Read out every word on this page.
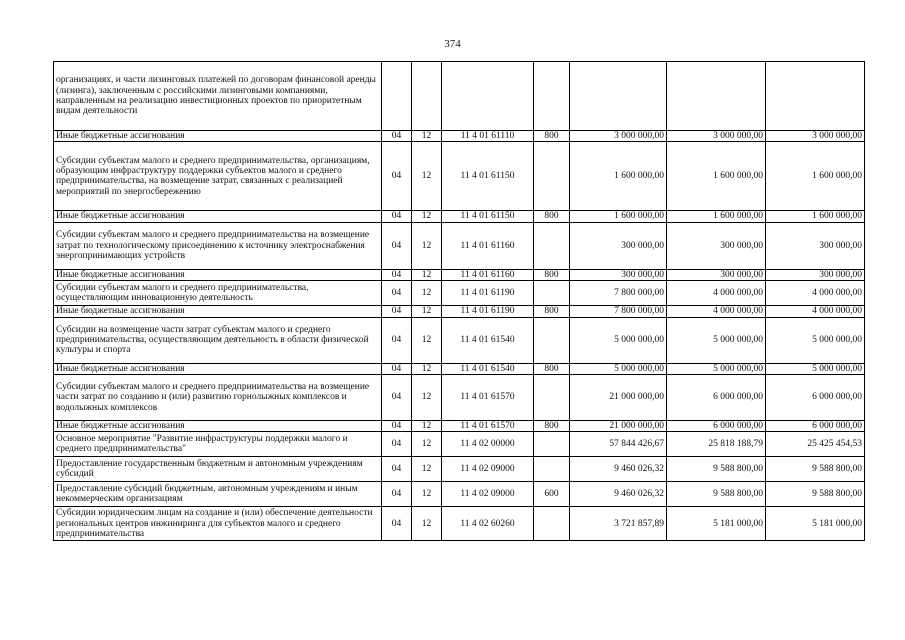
374
организациях, и части лизинговых платежей по договорам финансовой аренды (лизинга), заключенным с российскими лизинговыми компаниями, направленным на реализацию инвестиционных проектов по приоритетным видам деятельности							
Иные бюджетные ассигнования	04	12	11 4 01 61110	800	3 000 000,00	3 000 000,00	3 000 000,00
Субсидии субъектам малого и среднего предпринимательства, организациям, образующим инфраструктуру поддержки субъектов малого и среднего предпринимательства, на возмещение затрат, связанных с реализацией мероприятий по энергосбережению	04	12	11 4 01 61150		1 600 000,00	1 600 000,00	1 600 000,00
Иные бюджетные ассигнования	04	12	11 4 01 61150	800	1 600 000,00	1 600 000,00	1 600 000,00
Субсидии субъектам малого и среднего предпринимательства на возмещение затрат по технологическому присоединению к источнику электроснабжения энергопринимающих устройств	04	12	11 4 01 61160		300 000,00	300 000,00	300 000,00
Иные бюджетные ассигнования	04	12	11 4 01 61160	800	300 000,00	300 000,00	300 000,00
Субсидии субъектам малого и среднего предпринимательства, осуществляющим инновационную деятельность	04	12	11 4 01 61190		7 800 000,00	4 000 000,00	4 000 000,00
Иные бюджетные ассигнования	04	12	11 4 01 61190	800	7 800 000,00	4 000 000,00	4 000 000,00
Субсидии на возмещение части затрат субъектам малого и среднего предпринимательства, осуществляющим деятельность в области физической культуры и спорта	04	12	11 4 01 61540		5 000 000,00	5 000 000,00	5 000 000,00
Иные бюджетные ассигнования	04	12	11 4 01 61540	800	5 000 000,00	5 000 000,00	5 000 000,00
Субсидии субъектам малого и среднего предпринимательства на возмещение части затрат по созданию и (или) развитию горнолыжных комплексов и водолыжных комплексов	04	12	11 4 01 61570		21 000 000,00	6 000 000,00	6 000 000,00
Иные бюджетные ассигнования	04	12	11 4 01 61570	800	21 000 000,00	6 000 000,00	6 000 000,00
Основное мероприятие "Развитие инфраструктуры поддержки малого и среднего предпринимательства"	04	12	11 4 02 00000		57 844 426,67	25 818 188,79	25 425 454,53
Предоставление государственным бюджетным и автономным учреждениям субсидий	04	12	11 4 02 09000		9 460 026,32	9 588 800,00	9 588 800,00
Предоставление субсидий бюджетным, автономным учреждениям и иным некоммерческим организациям	04	12	11 4 02 09000	600	9 460 026,32	9 588 800,00	9 588 800,00
Субсидии юридическим лицам на создание и (или) обеспечение деятельности региональных центров инжиниринга для субъектов малого и среднего предпринимательства	04	12	11 4 02 60260		3 721 857,89	5 181 000,00	5 181 000,00
